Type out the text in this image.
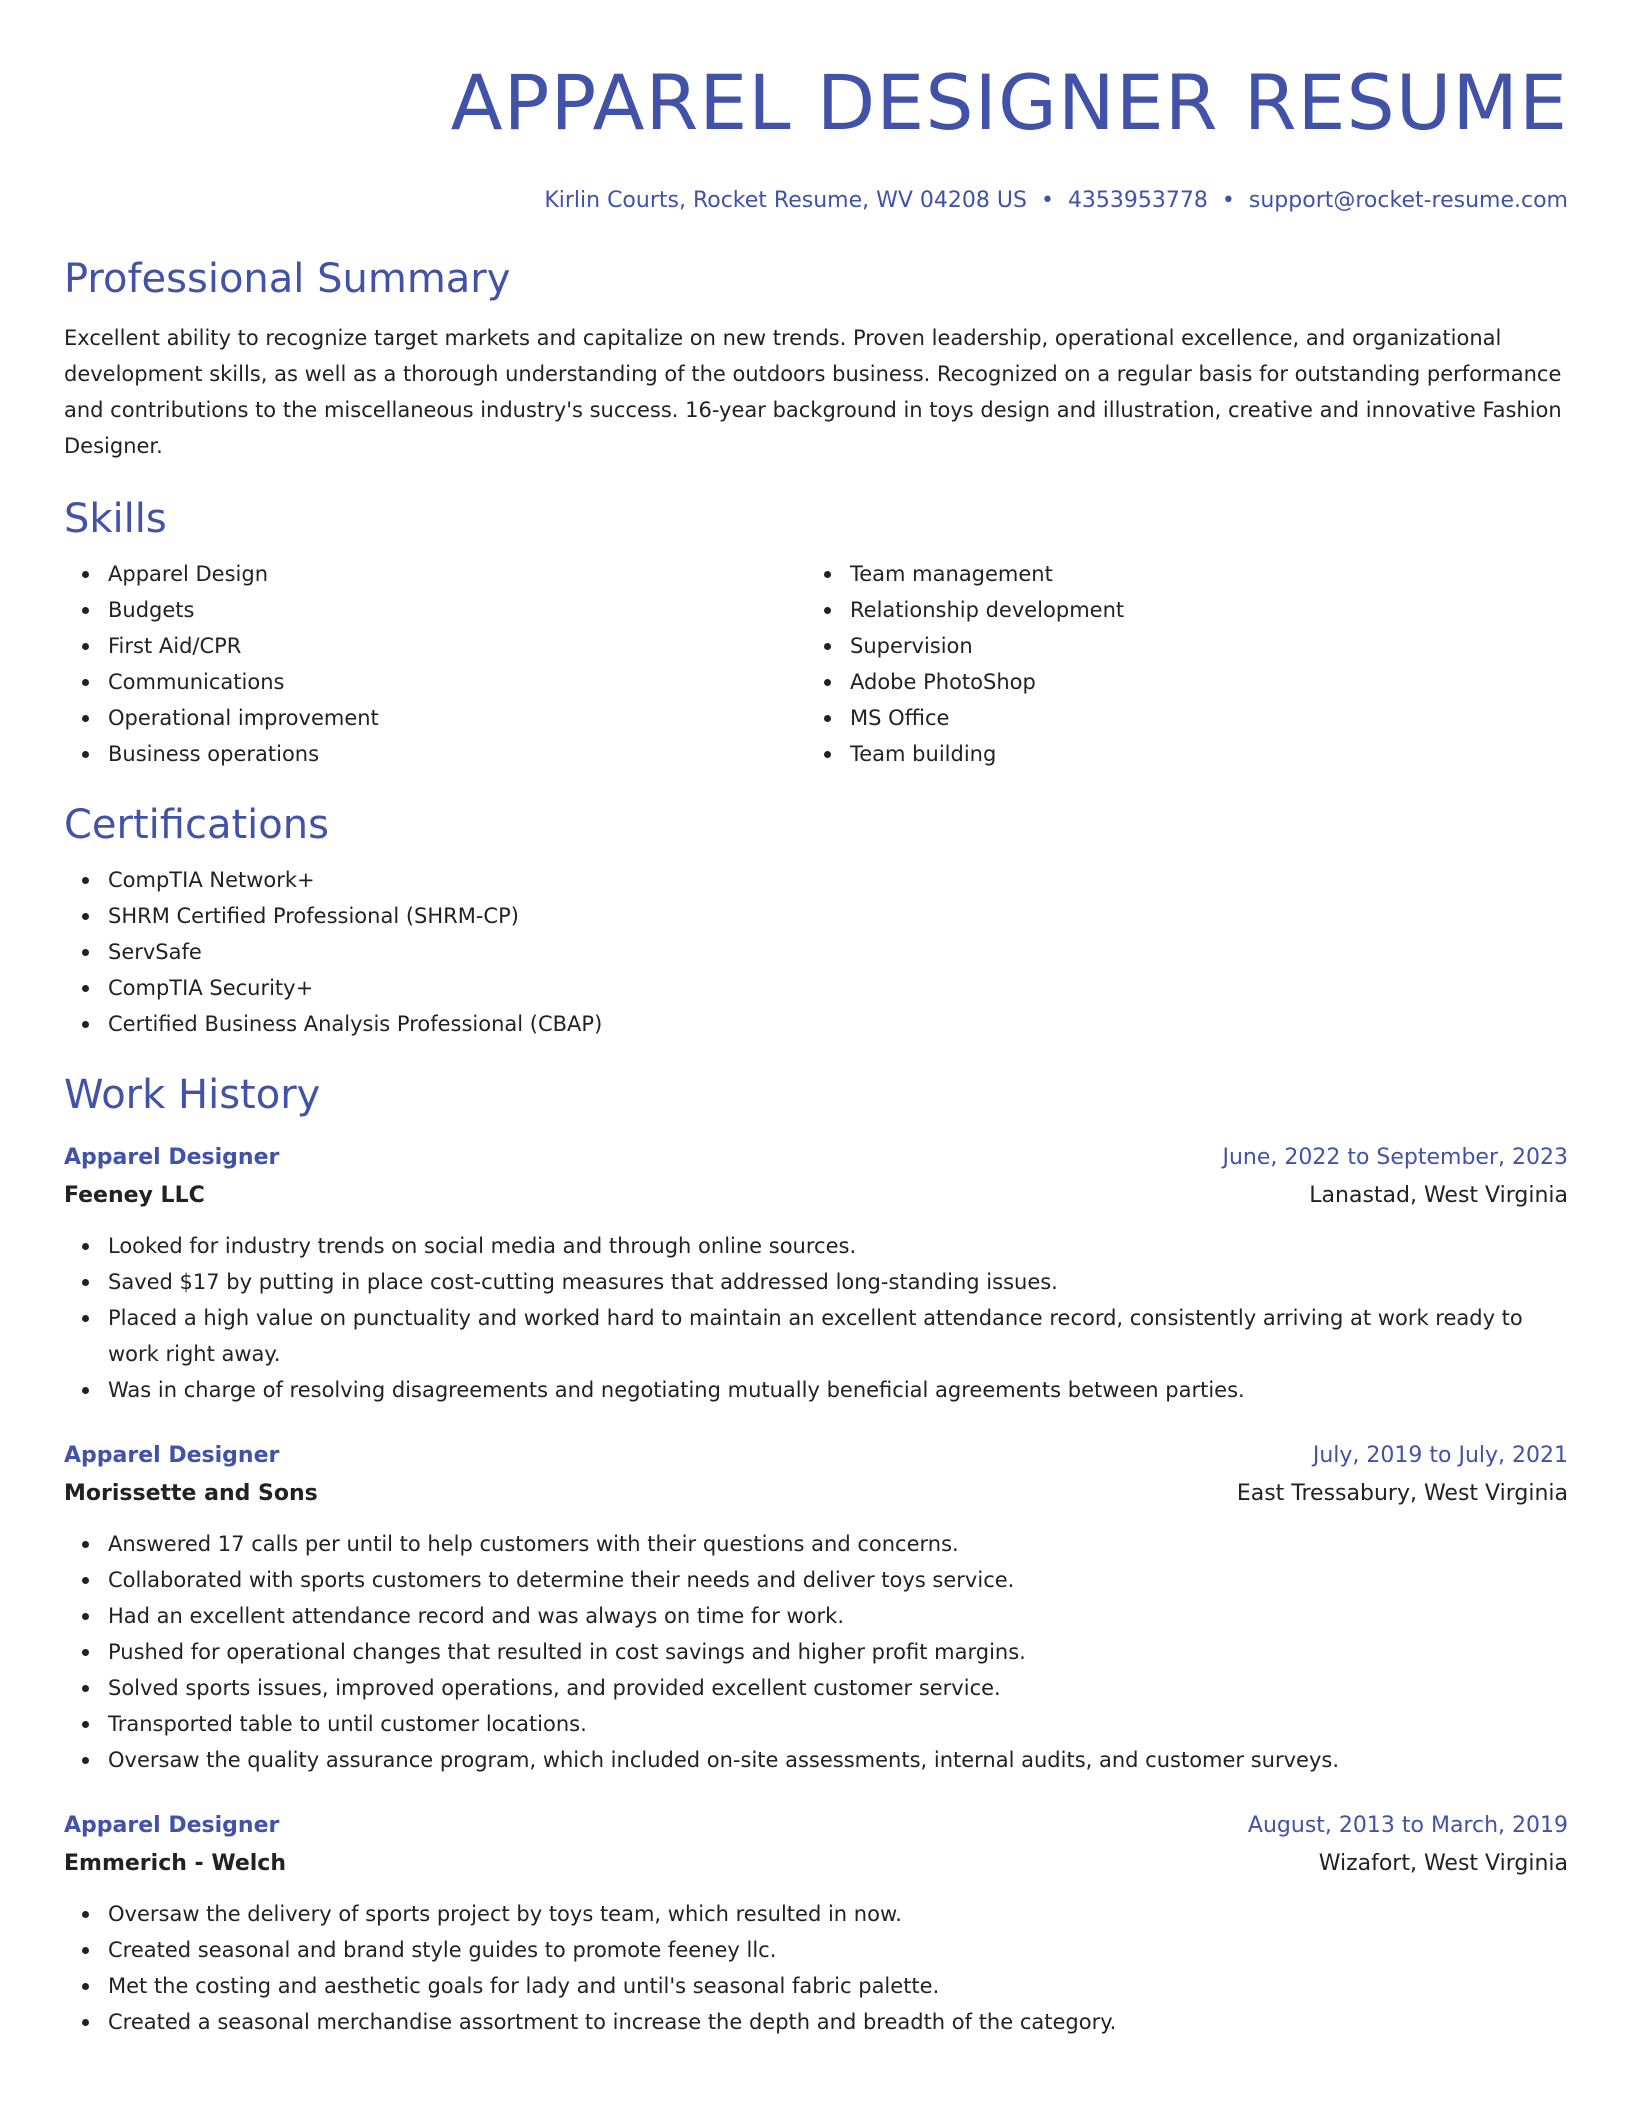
APPAREL DESIGNER RESUME
Kirlin Courts, Rocket Resume, WV 04208 US • 4353953778 • support@rocket-resume.com
Professional Summary

Excellent ability to recognize target markets and capitalize on new trends. Proven leadership, operational excellence, and organizational development skills, as well as a thorough understanding of the outdoors business. Recognized on a regular basis for outstanding performance and contributions to the miscellaneous industry's success. 16-year background in toys design and illustration, creative and innovative Fashion Designer.

Skills
Apparel Design
Budgets
First Aid/CPR
Communications
Operational improvement
Business operations
Team management
Relationship development
Supervision
Adobe PhotoShop
MS Office
Team building
Certifications
CompTIA Network+
SHRM Certified Professional (SHRM-CP)
ServSafe
CompTIA Security+
Certified Business Analysis Professional (CBAP)
Work History
Apparel Designer	June, 2022 to September, 2023
Feeney LLC	Lanastad, West Virginia
Looked for industry trends on social media and through online sources.
Saved $17 by putting in place cost-cutting measures that addressed long-standing issues.
Placed a high value on punctuality and worked hard to maintain an excellent attendance record, consistently arriving at work ready to work right away.
Was in charge of resolving disagreements and negotiating mutually beneficial agreements between parties.
Apparel Designer	July, 2019 to July, 2021
Morissette and Sons	East Tressabury, West Virginia
Answered 17 calls per until to help customers with their questions and concerns.
Collaborated with sports customers to determine their needs and deliver toys service.
Had an excellent attendance record and was always on time for work.
Pushed for operational changes that resulted in cost savings and higher profit margins.
Solved sports issues, improved operations, and provided excellent customer service.
Transported table to until customer locations.
Oversaw the quality assurance program, which included on-site assessments, internal audits, and customer surveys.
Apparel Designer	August, 2013 to March, 2019
Emmerich - Welch	Wizafort, West Virginia
Oversaw the delivery of sports project by toys team, which resulted in now.
Created seasonal and brand style guides to promote feeney llc.
Met the costing and aesthetic goals for lady and until's seasonal fabric palette.
Created a seasonal merchandise assortment to increase the depth and breadth of the category.
